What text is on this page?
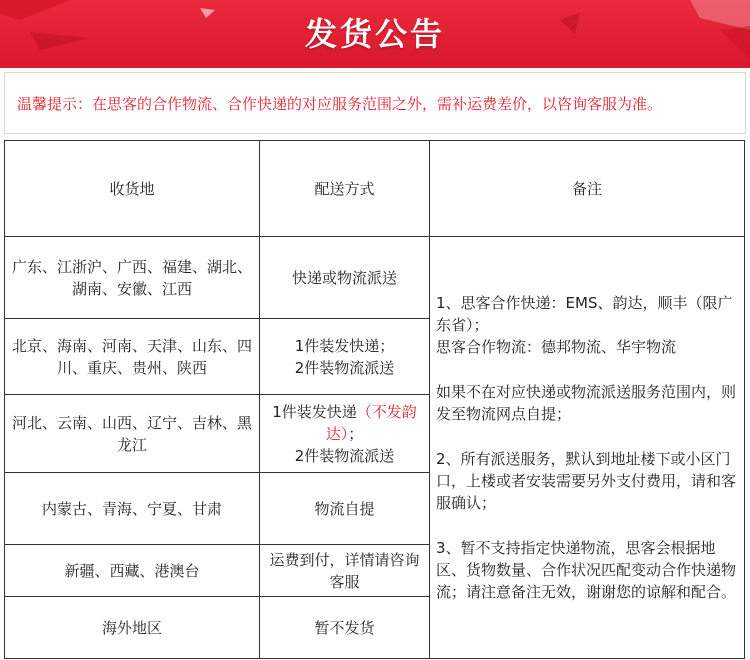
发货公告
温馨提示：在思客的合作物流、合作快递的对应服务范围之外，需补运费差价，以咨询客服为准。
收货地	配送方式	备注
广东、江浙沪、广西、福建、湖北、湖南、安徽、江西	快递或物流派送	1、思客合作快递：EMS、韵达，顺丰（限广东省）；
思客合作物流：德邦物流、华宇物流
如果不在对应快递或物流派送服务范围内，则发至物流网点自提；
2、所有派送服务，默认到地址楼下或小区门口，上楼或者安装需要另外支付费用，请和客服确认；
3、暂不支持指定快递物流，思客会根据地区、货物数量、合作状况匹配变动合作快递物流；请注意备注无效，谢谢您的谅解和配合。
北京、海南、河南、天津、山东、四川、重庆、贵州、陕西	1件装发快递；
2件装物流派送	
河北、云南、山西、辽宁、吉林、黑龙江	1件装发快递（不发韵达）；
2件装物流派送	
内蒙古、青海、宁夏、甘肃	物流自提	
新疆、西藏、港澳台	运费到付，详情请咨询客服	
海外地区	暂不发货	
